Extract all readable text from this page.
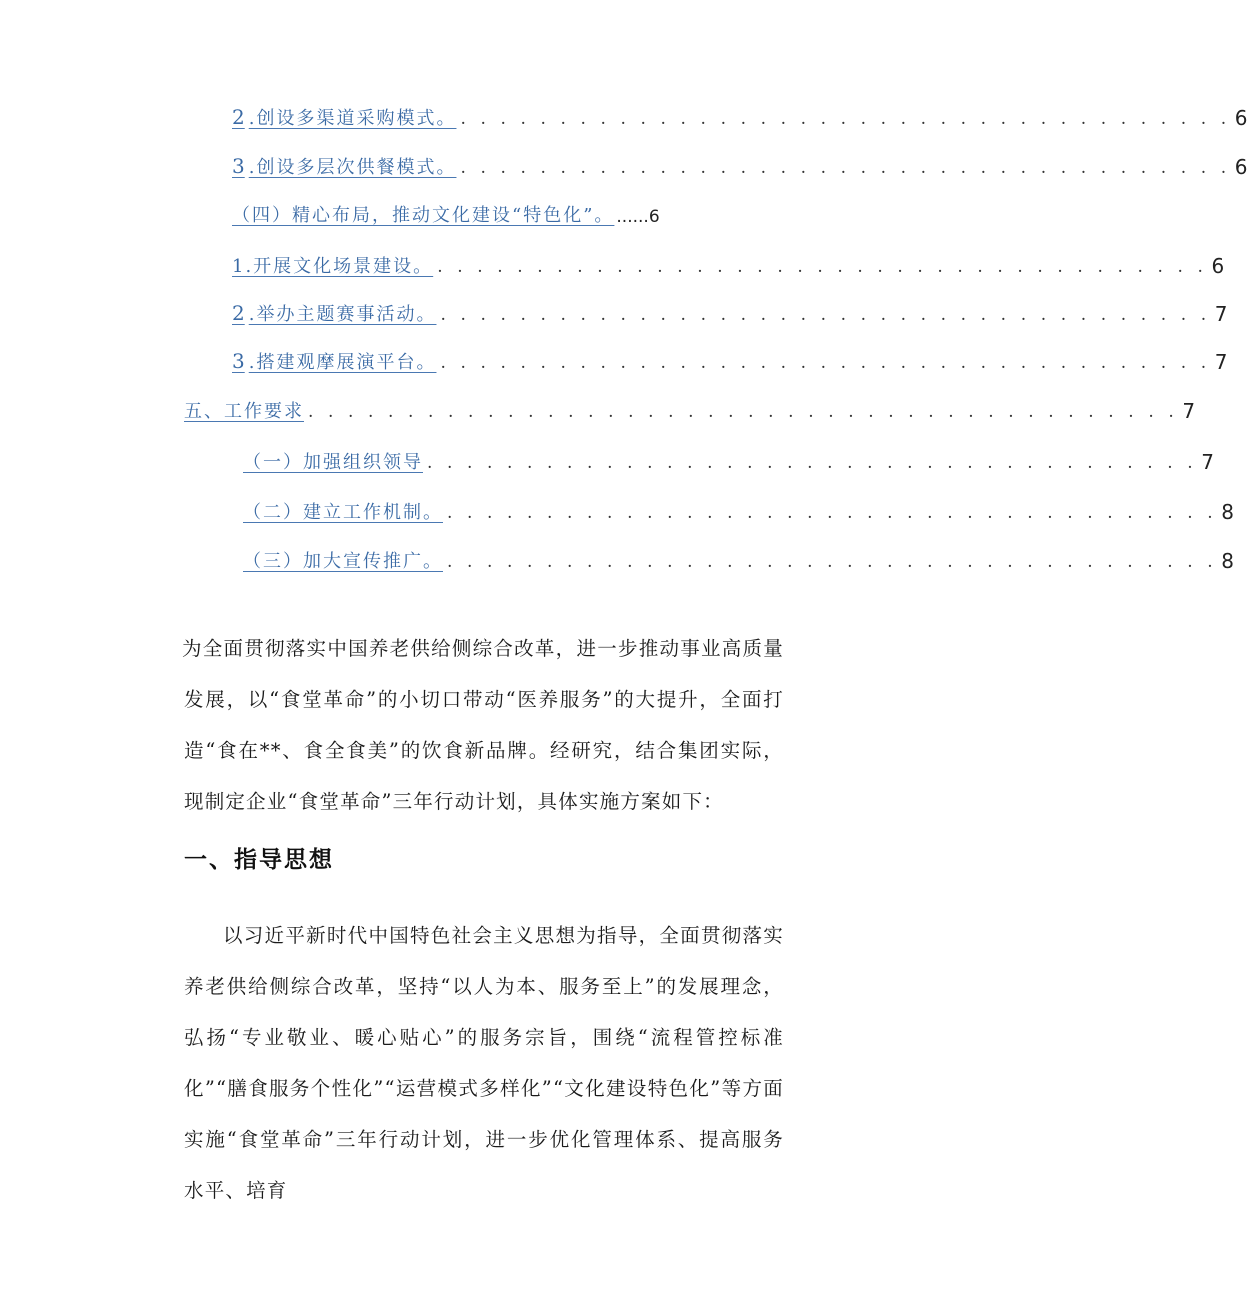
2 .创设多渠道采购模式。 . . . . . . . . . . . . . . . . . . . . . . . . . . . . . . . . . . . . . . . 6
3 .创设多层次供餐模式。 . . . . . . . . . . . . . . . . . . . . . . . . . . . . . . . . . . . . . . . 6
（四）精心布局，推动文化建设“特色化”。 ......6
1.开展文化场景建设。 . . . . . . . . . . . . . . . . . . . . . . . . . . . . . . . . . . . . . . . 6
2 .举办主题赛事活动。 . . . . . . . . . . . . . . . . . . . . . . . . . . . . . . . . . . . . . . . 7
3 .搭建观摩展演平台。 . . . . . . . . . . . . . . . . . . . . . . . . . . . . . . . . . . . . . . . 7
五、工作要求 . . . . . . . . . . . . . . . . . . . . . . . . . . . . . . . . . . . . . . . . . . . . 7
（一）加强组织领导 . . . . . . . . . . . . . . . . . . . . . . . . . . . . . . . . . . . . . . . 7
（二）建立工作机制。 . . . . . . . . . . . . . . . . . . . . . . . . . . . . . . . . . . . . . . . 8
（三）加大宣传推广。 . . . . . . . . . . . . . . . . . . . . . . . . . . . . . . . . . . . . . . . 8

为全面贯彻落实中国养老供给侧综合改革，进一步推动事业高质量发展，以“食堂革命”的小切口带动“医养服务”的大提升，全面打造“食在**、食全食美”的饮食新品牌。经研究，结合集团实际，现制定企业“食堂革命”三年行动计划，具体实施方案如下：

一、指导思想

以习近平新时代中国特色社会主义思想为指导，全面贯彻落实养老供给侧综合改革，坚持“以人为本、服务至上”的发展理念，弘扬“专业敬业、暖心贴心”的服务宗旨，围绕“流程管控标准化”“膳食服务个性化”“运营模式多样化”“文化建设特色化”等方面实施“食堂革命”三年行动计划，进一步优化管理体系、提高服务水平、培育
